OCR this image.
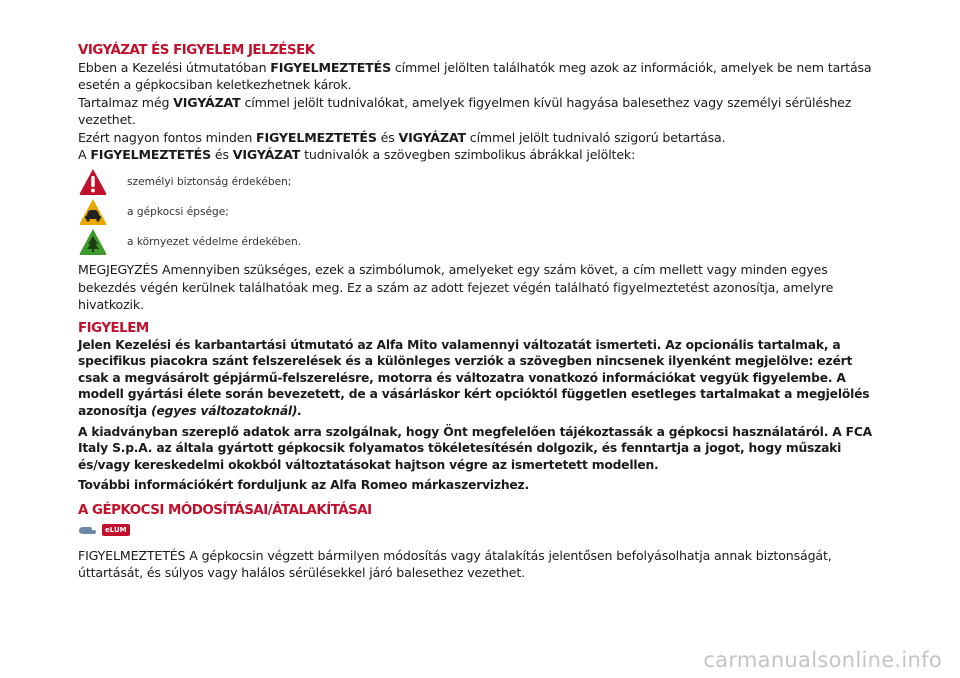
VIGYÁZAT ÉS FIGYELEM JELZÉSEK

Ebben a Kezelési útmutatóban FIGYELMEZTETÉS címmel jelölten találhatók meg azok az információk, amelyek be nem tartása esetén a gépkocsiban keletkezhetnek károk.

Tartalmaz még VIGYÁZAT címmel jelölt tudnivalókat, amelyek figyelmen kívül hagyása balesethez vagy személyi sérüléshez vezethet.

Ezért nagyon fontos minden FIGYELMEZTETÉS és VIGYÁZAT címmel jelölt tudnivaló szigorú betartása.

A FIGYELMEZTETÉS és VIGYÁZAT tudnivalók a szövegben szimbolikus ábrákkal jelöltek:

személyi biztonság érdekében;
a gépkocsi épsége;
a környezet védelme érdekében.

MEGJEGYZÉS Amennyiben szükséges, ezek a szimbólumok, amelyeket egy szám követ, a cím mellett vagy minden egyes bekezdés végén kerülnek találhatóak meg. Ez a szám az adott fejezet végén található figyelmeztetést azonosítja, amelyre hivatkozik.

FIGYELEM

Jelen Kezelési és karbantartási útmutató az Alfa Mito valamennyi változatát ismerteti. Az opcionális tartalmak, a specifikus piacokra szánt felszerelések és a különleges verziók a szövegben nincsenek ilyenként megjelölve: ezért csak a megvásárolt gépjármű-felszerelésre, motorra és változatra vonatkozó információkat vegyük figyelembe. A modell gyártási élete során bevezetett, de a vásárláskor kért opcióktól független esetleges tartalmakat a megjelölés azonosítja (egyes változatoknál).

A kiadványban szereplő adatok arra szolgálnak, hogy Önt megfelelően tájékoztassák a gépkocsi használatáról. A FCA Italy S.p.A. az általa gyártott gépkocsik folyamatos tökéletesítésén dolgozik, és fenntartja a jogot, hogy műszaki és/vagy kereskedelmi okokból változtatásokat hajtson végre az ismertetett modellen.

További információkért forduljunk az Alfa Romeo márkaszervizhez.

A GÉPKOCSI MÓDOSÍTÁSAI/ÁTALAKÍTÁSAI
eLUM

FIGYELMEZTETÉS A gépkocsin végzett bármilyen módosítás vagy átalakítás jelentősen befolyásolhatja annak biztonságát, úttartását, és súlyos vagy halálos sérülésekkel járó balesethez vezethet.

carmanualsonline.info
